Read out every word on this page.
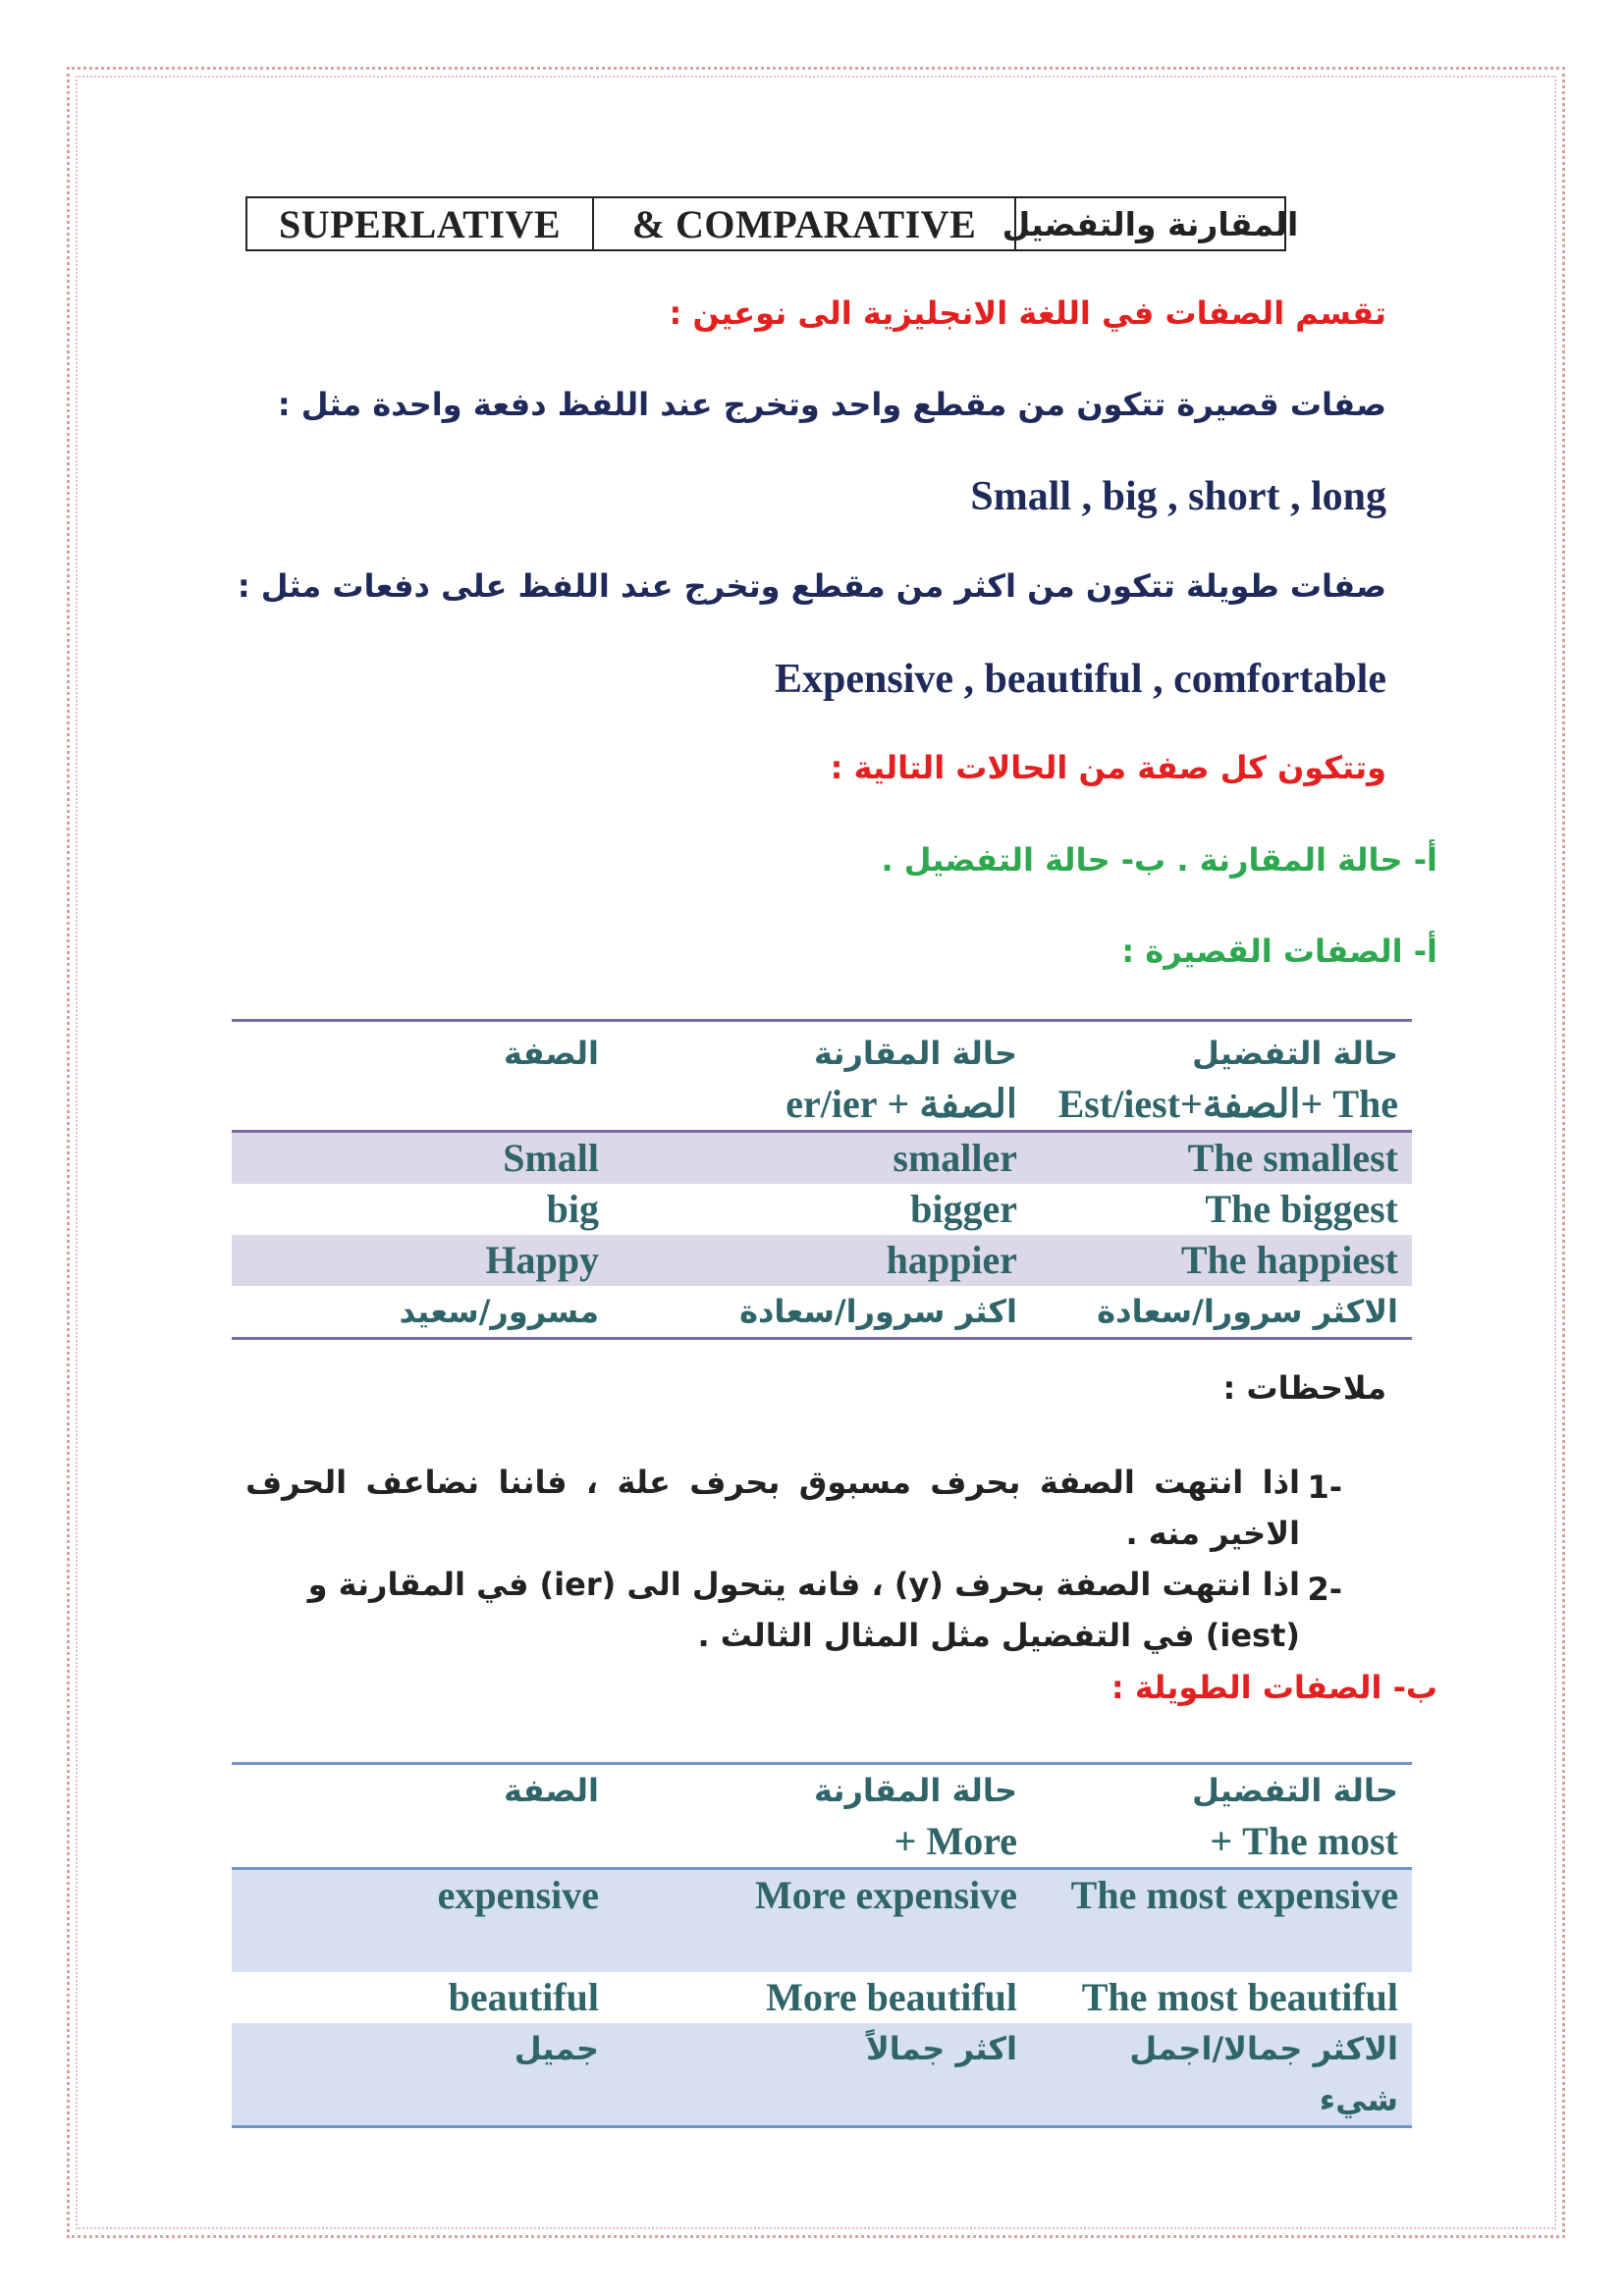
SUPERLATIVE	& COMPARATIVE المقارنة والتفضيل
تقسم الصفات في اللغة الانجليزية الى نوعين :
صفات قصيرة تتكون من مقطع واحد وتخرج عند اللفظ دفعة واحدة مثل :
Small , big , short , long
صفات طويلة تتكون من اكثر من مقطع وتخرج عند اللفظ على دفعات مثل :
Expensive , beautiful , comfortable
وتتكون كل صفة من الحالات التالية :
أ- حالة المقارنة . ب- حالة التفضيل .
أ- الصفات القصيرة :
حالة التفضيل	حالة المقارنة	الصفة
The +الصفة+Est/iest	الصفة + er/ier	
The smallest	smaller	Small
The biggest	bigger	big
The happiest	happier	Happy
الاكثر سرورا/سعادة	اكثر سرورا/سعادة	مسرور/سعيد
ملاحظات :
1-
اذا انتهت الصفة بحرف مسبوق بحرف علة ، فاننا نضاعف الحرف الاخير منه .
2-
اذا انتهت الصفة بحرف (y) ، فانه يتحول الى (ier) في المقارنة و
(iest) في التفضيل مثل المثال الثالث .
ب- الصفات الطويلة :
حالة التفضيل	حالة المقارنة	الصفة
The most +	More +	
The most expensive	More expensive	expensive
The most beautiful	More beautiful	beautiful
الاكثر جمالا/اجمل شيء	اكثر جمالاً	جميل
